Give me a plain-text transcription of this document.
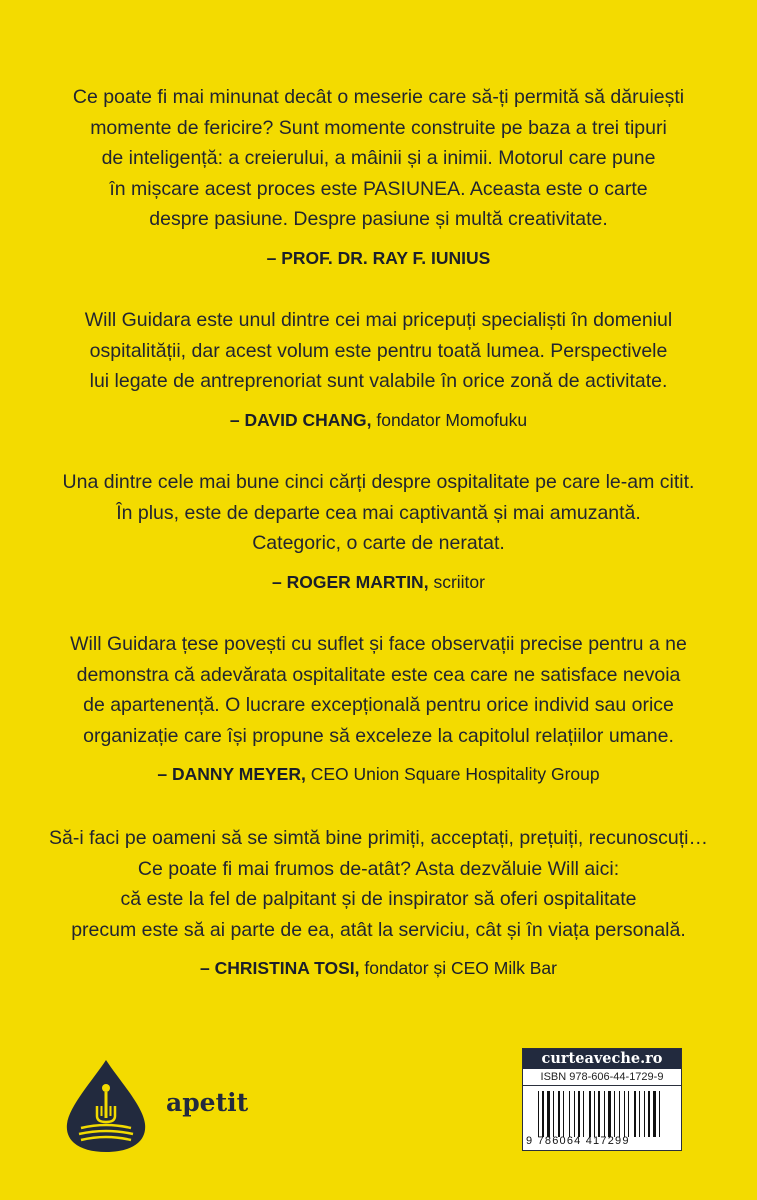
Ce poate fi mai minunat decât o meserie care să-ți permită să dăruiești

momente de fericire? Sunt momente construite pe baza a trei tipuri

de inteligență: a creierului, a mâinii și a inimii. Motorul care pune

în mișcare acest proces este PASIUNEA. Aceasta este o carte

despre pasiune. Despre pasiune și multă creativitate.

– PROF. DR. RAY F. IUNIUS

Will Guidara este unul dintre cei mai pricepuți specialiști în domeniul

ospitalității, dar acest volum este pentru toată lumea. Perspectivele

lui legate de antreprenoriat sunt valabile în orice zonă de activitate.

– DAVID CHANG, fondator Momofuku

Una dintre cele mai bune cinci cărți despre ospitalitate pe care le-am citit.

În plus, este de departe cea mai captivantă și mai amuzantă.

Categoric, o carte de neratat.

– ROGER MARTIN, scriitor

Will Guidara țese povești cu suflet și face observații precise pentru a ne

demonstra că adevărata ospitalitate este cea care ne satisface nevoia

de apartenență. O lucrare excepțională pentru orice individ sau orice

organizație care își propune să exceleze la capitolul relațiilor umane.

– DANNY MEYER, CEO Union Square Hospitality Group

Să-i faci pe oameni să se simtă bine primiți, acceptați, prețuiți, recunoscuți…

Ce poate fi mai frumos de-atât? Asta dezvăluie Will aici:

că este la fel de palpitant și de inspirator să oferi ospitalitate

precum este să ai parte de ea, atât la serviciu, cât și în viața personală.

– CHRISTINA TOSI, fondator și CEO Milk Bar
apetit
curteaveche.ro
ISBN 978-606-44-1729-9
9 786064 417299
